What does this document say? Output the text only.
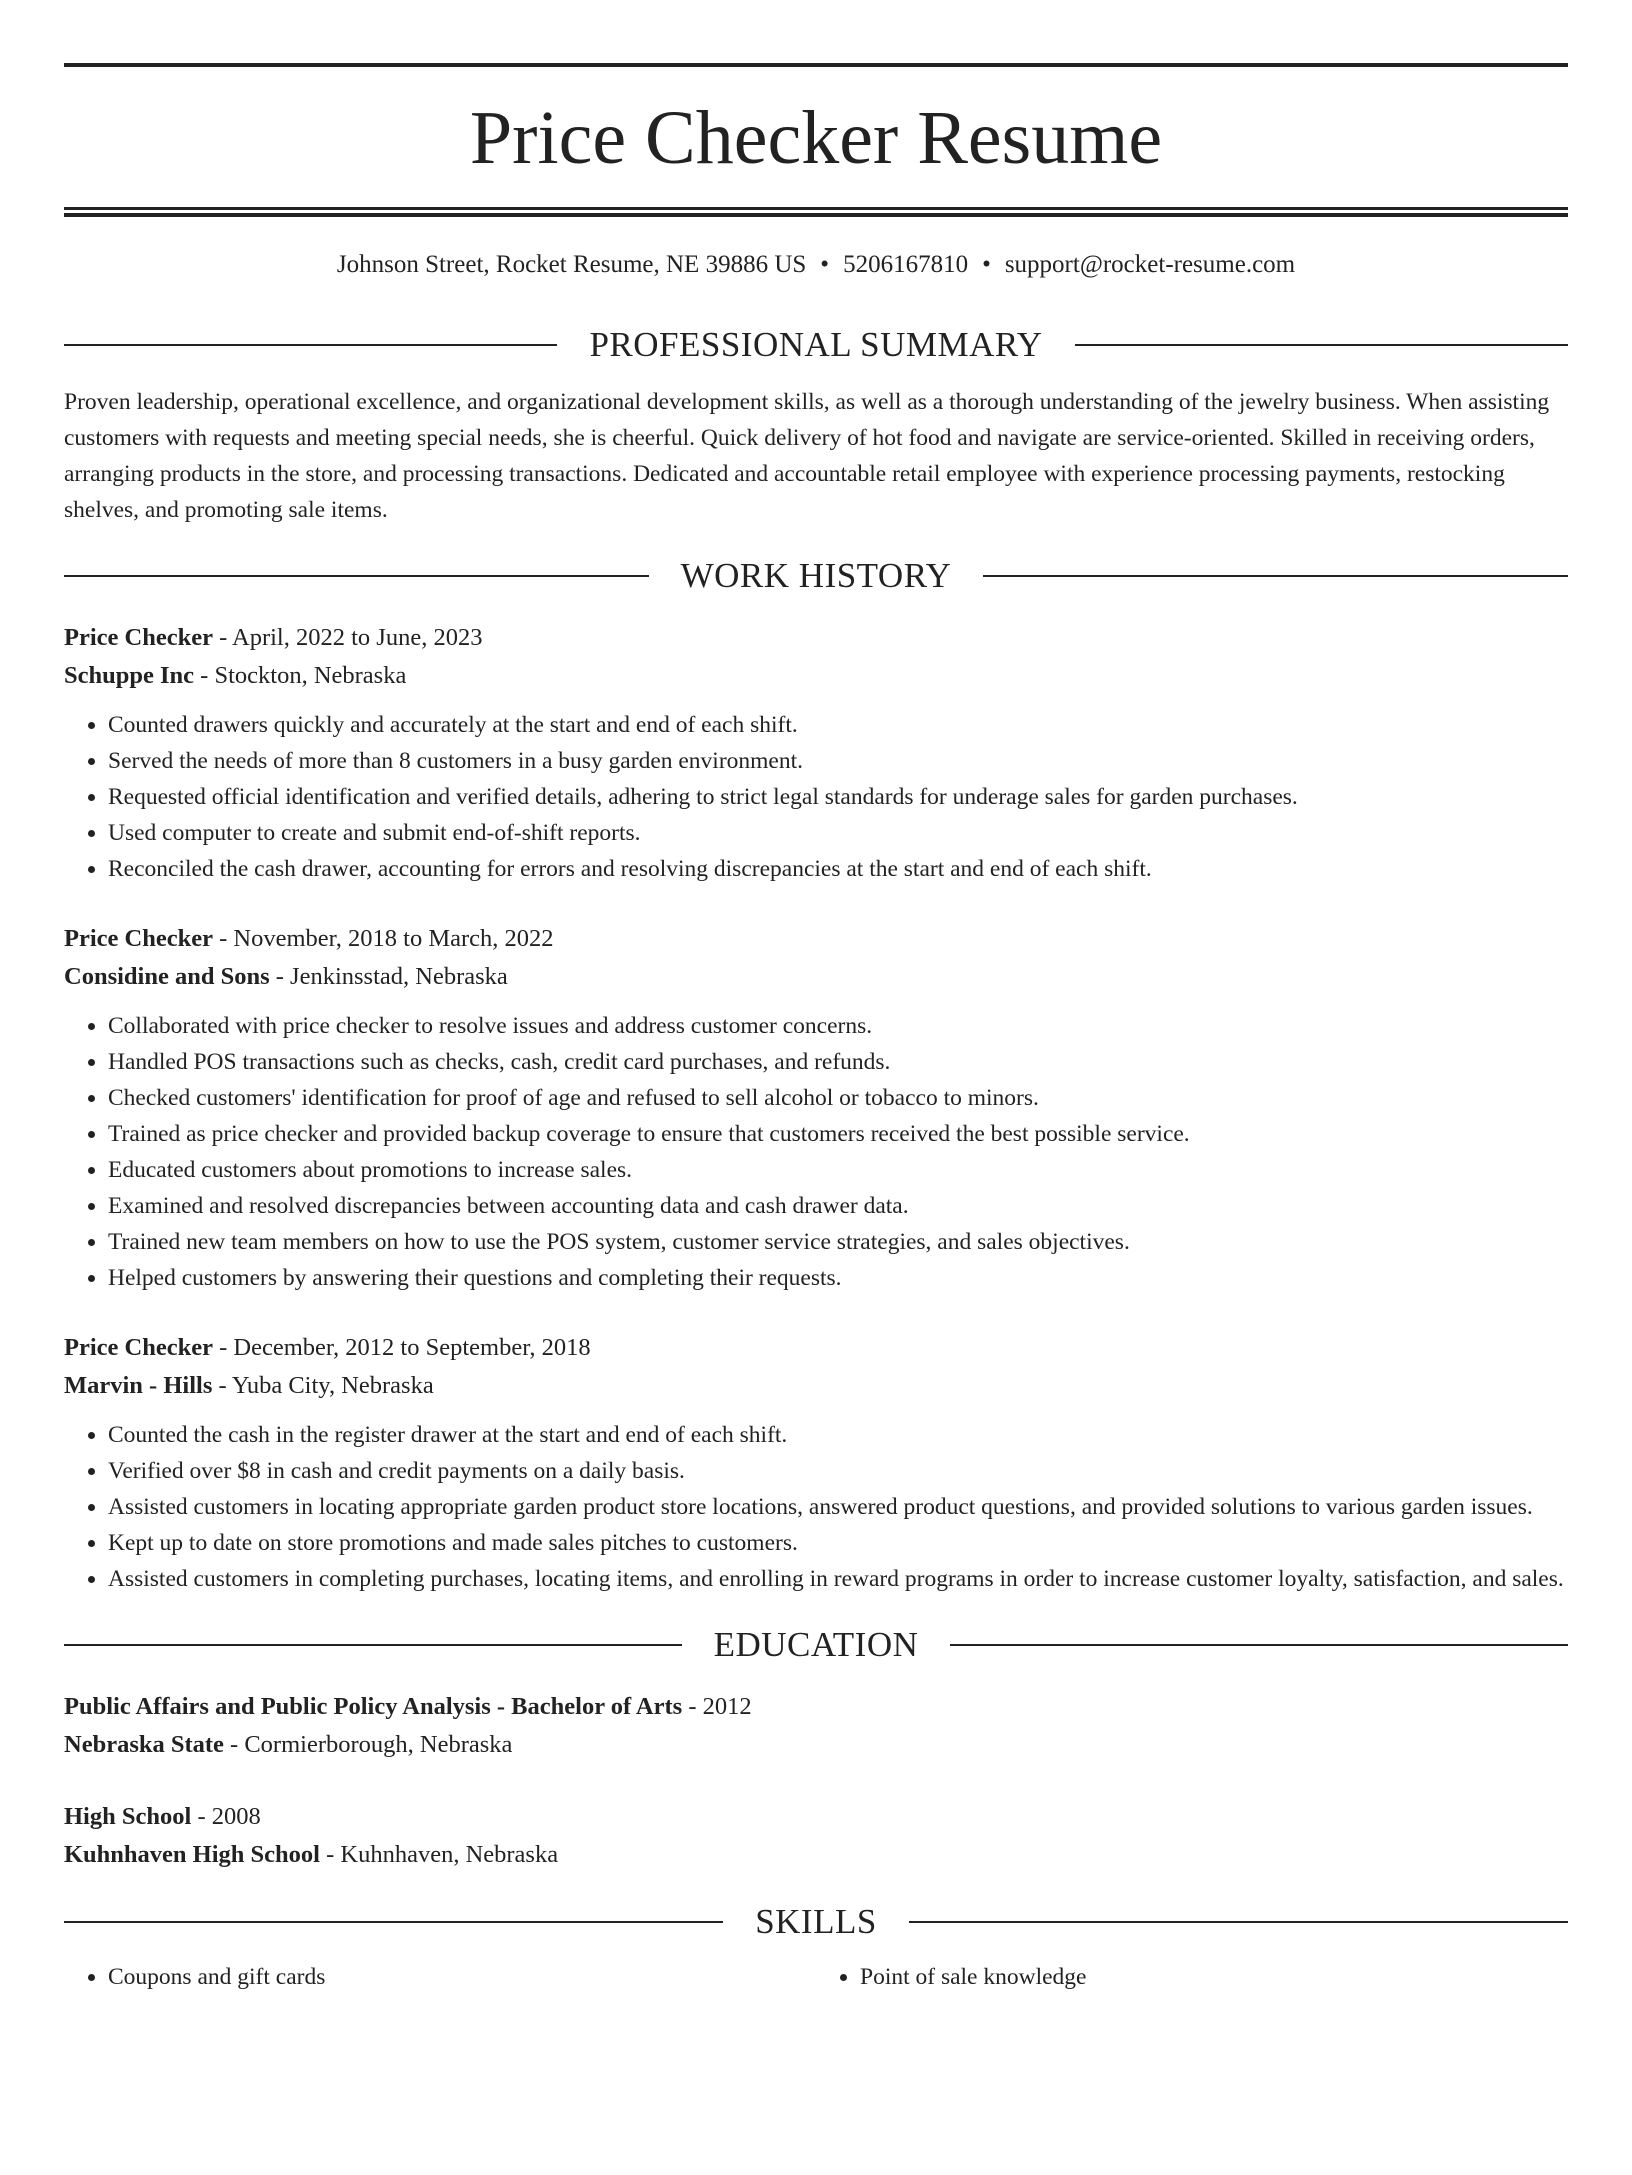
Price Checker Resume
Johnson Street, Rocket Resume, NE 39886 US • 5206167810 • support@rocket-resume.com
PROFESSIONAL SUMMARY

Proven leadership, operational excellence, and organizational development skills, as well as a thorough understanding of the jewelry business. When assisting customers with requests and meeting special needs, she is cheerful. Quick delivery of hot food and navigate are service-oriented. Skilled in receiving orders, arranging products in the store, and processing transactions. Dedicated and accountable retail employee with experience processing payments, restocking shelves, and promoting sale items.

WORK HISTORY

Price Checker - April, 2022 to June, 2023

Schuppe Inc - Stockton, Nebraska

• Counted drawers quickly and accurately at the start and end of each shift.
• Served the needs of more than 8 customers in a busy garden environment.
• Requested official identification and verified details, adhering to strict legal standards for underage sales for garden purchases.
• Used computer to create and submit end-of-shift reports.
• Reconciled the cash drawer, accounting for errors and resolving discrepancies at the start and end of each shift.

Price Checker - November, 2018 to March, 2022

Considine and Sons - Jenkinsstad, Nebraska

• Collaborated with price checker to resolve issues and address customer concerns.
• Handled POS transactions such as checks, cash, credit card purchases, and refunds.
• Checked customers' identification for proof of age and refused to sell alcohol or tobacco to minors.
• Trained as price checker and provided backup coverage to ensure that customers received the best possible service.
• Educated customers about promotions to increase sales.
• Examined and resolved discrepancies between accounting data and cash drawer data.
• Trained new team members on how to use the POS system, customer service strategies, and sales objectives.
• Helped customers by answering their questions and completing their requests.

Price Checker - December, 2012 to September, 2018

Marvin - Hills - Yuba City, Nebraska

• Counted the cash in the register drawer at the start and end of each shift.
• Verified over $8 in cash and credit payments on a daily basis.
• Assisted customers in locating appropriate garden product store locations, answered product questions, and provided solutions to various garden issues.
• Kept up to date on store promotions and made sales pitches to customers.
• Assisted customers in completing purchases, locating items, and enrolling in reward programs in order to increase customer loyalty, satisfaction, and sales.
EDUCATION

Public Affairs and Public Policy Analysis - Bachelor of Arts - 2012

Nebraska State - Cormierborough, Nebraska

High School - 2008

Kuhnhaven High School - Kuhnhaven, Nebraska

SKILLS
• Coupons and gift cards
•	Point of sale knowledge
